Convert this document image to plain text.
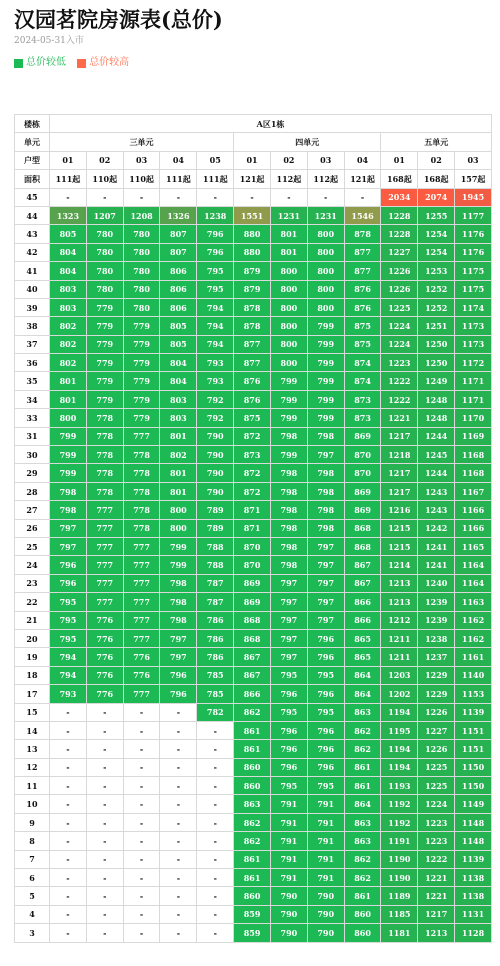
汉园茗院房源表(总价)
2024-05-31入市
总价较低
总价较高
楼栋	A区1栋											
单元	三单元					四单元				五单元		
户型	01	02	03	04	05	01	02	03	04	01	02	03
面积	111起	110起	110起	111起	111起	121起	112起	112起	121起	168起	168起	157起
45	-	-	-	-	-	-	-	-	-	2034	2074	1945
44	1323	1207	1208	1326	1238	1551	1231	1231	1546	1228	1255	1177
43	805	780	780	807	796	880	801	800	878	1228	1254	1176
42	804	780	780	807	796	880	801	800	877	1227	1254	1176
41	804	780	780	806	795	879	800	800	877	1226	1253	1175
40	803	780	780	806	795	879	800	800	876	1226	1252	1175
39	803	779	780	806	794	878	800	800	876	1225	1252	1174
38	802	779	779	805	794	878	800	799	875	1224	1251	1173
37	802	779	779	805	794	877	800	799	875	1224	1250	1173
36	802	779	779	804	793	877	800	799	874	1223	1250	1172
35	801	779	779	804	793	876	799	799	874	1222	1249	1171
34	801	779	779	803	792	876	799	799	873	1222	1248	1171
33	800	778	779	803	792	875	799	799	873	1221	1248	1170
31	799	778	777	801	790	872	798	798	869	1217	1244	1169
30	799	778	778	802	790	873	799	797	870	1218	1245	1168
29	799	778	778	801	790	872	798	798	870	1217	1244	1168
28	798	778	778	801	790	872	798	798	869	1217	1243	1167
27	798	777	778	800	789	871	798	798	869	1216	1243	1166
26	797	777	778	800	789	871	798	798	868	1215	1242	1166
25	797	777	777	799	788	870	798	797	868	1215	1241	1165
24	796	777	777	799	788	870	798	797	867	1214	1241	1164
23	796	777	777	798	787	869	797	797	867	1213	1240	1164
22	795	777	777	798	787	869	797	797	866	1213	1239	1163
21	795	776	777	798	786	868	797	797	866	1212	1239	1162
20	795	776	777	797	786	868	797	796	865	1211	1238	1162
19	794	776	776	797	786	867	797	796	865	1211	1237	1161
18	794	776	776	796	785	867	795	795	864	1203	1229	1140
17	793	776	777	796	785	866	796	796	864	1202	1229	1153
15	-	-	-	-	782	862	795	795	863	1194	1226	1139
14	-	-	-	-	-	861	796	796	862	1195	1227	1151
13	-	-	-	-	-	861	796	796	862	1194	1226	1151
12	-	-	-	-	-	860	796	796	861	1194	1225	1150
11	-	-	-	-	-	860	795	795	861	1193	1225	1150
10	-	-	-	-	-	863	791	791	864	1192	1224	1149
9	-	-	-	-	-	862	791	791	863	1192	1223	1148
8	-	-	-	-	-	862	791	791	863	1191	1223	1148
7	-	-	-	-	-	861	791	791	862	1190	1222	1139
6	-	-	-	-	-	861	791	791	862	1190	1221	1138
5	-	-	-	-	-	860	790	790	861	1189	1221	1138
4	-	-	-	-	-	859	790	790	860	1185	1217	1131
3	-	-	-	-	-	859	790	790	860	1181	1213	1128
